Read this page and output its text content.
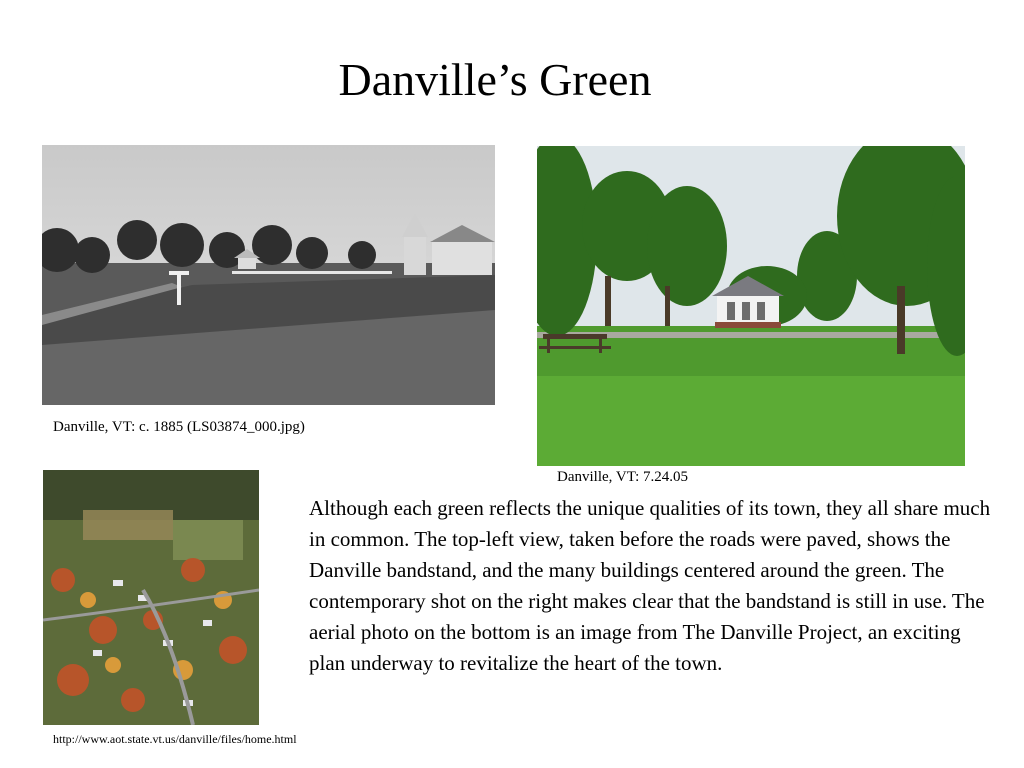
Danville’s Green
Danville, VT: c. 1885 (LS03874_000.jpg)
Danville, VT: 7.24.05
Although each green reflects the unique qualities of its town, they all share much in common. The top-left view, taken before the roads were paved, shows the Danville bandstand, and the many buildings centered around the green. The contemporary shot on the right makes clear that the bandstand is still in use. The aerial photo on the bottom is an image from The Danville Project, an exciting plan underway to revitalize the heart of the town.
http://www.aot.state.vt.us/danville/files/home.html
